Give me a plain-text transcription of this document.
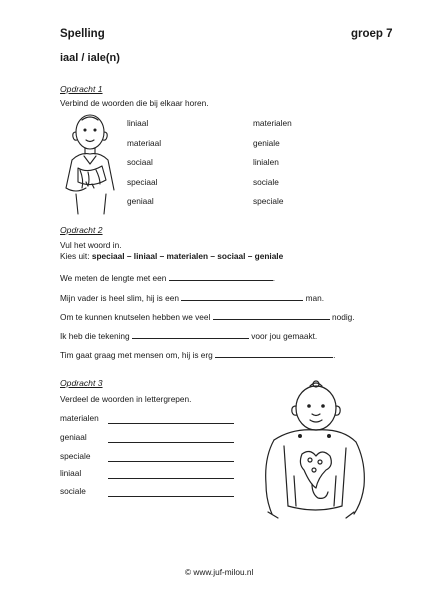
Spelling	groep 7
iaal / iale(n)
Opdracht 1
Verbind de woorden die bij elkaar horen.
liniaal
materiaal
sociaal
speciaal
geniaal
materialen
geniale
linialen
sociale
speciale
Opdracht 2
Vul het woord in.
Kies uit: speciaal – liniaal – materialen – sociaal – geniale
We meten de lengte met een	.
Mijn vader is heel slim, hij is een	man.
Om te kunnen knutselen hebben we veel	nodig.
Ik heb die tekening	voor jou gemaakt.
Tim gaat graag met mensen om, hij is erg	.
Opdracht 3
Verdeel de woorden in lettergrepen.
materialen
geniaal
speciale
liniaal
sociale
© www.juf-milou.nl
